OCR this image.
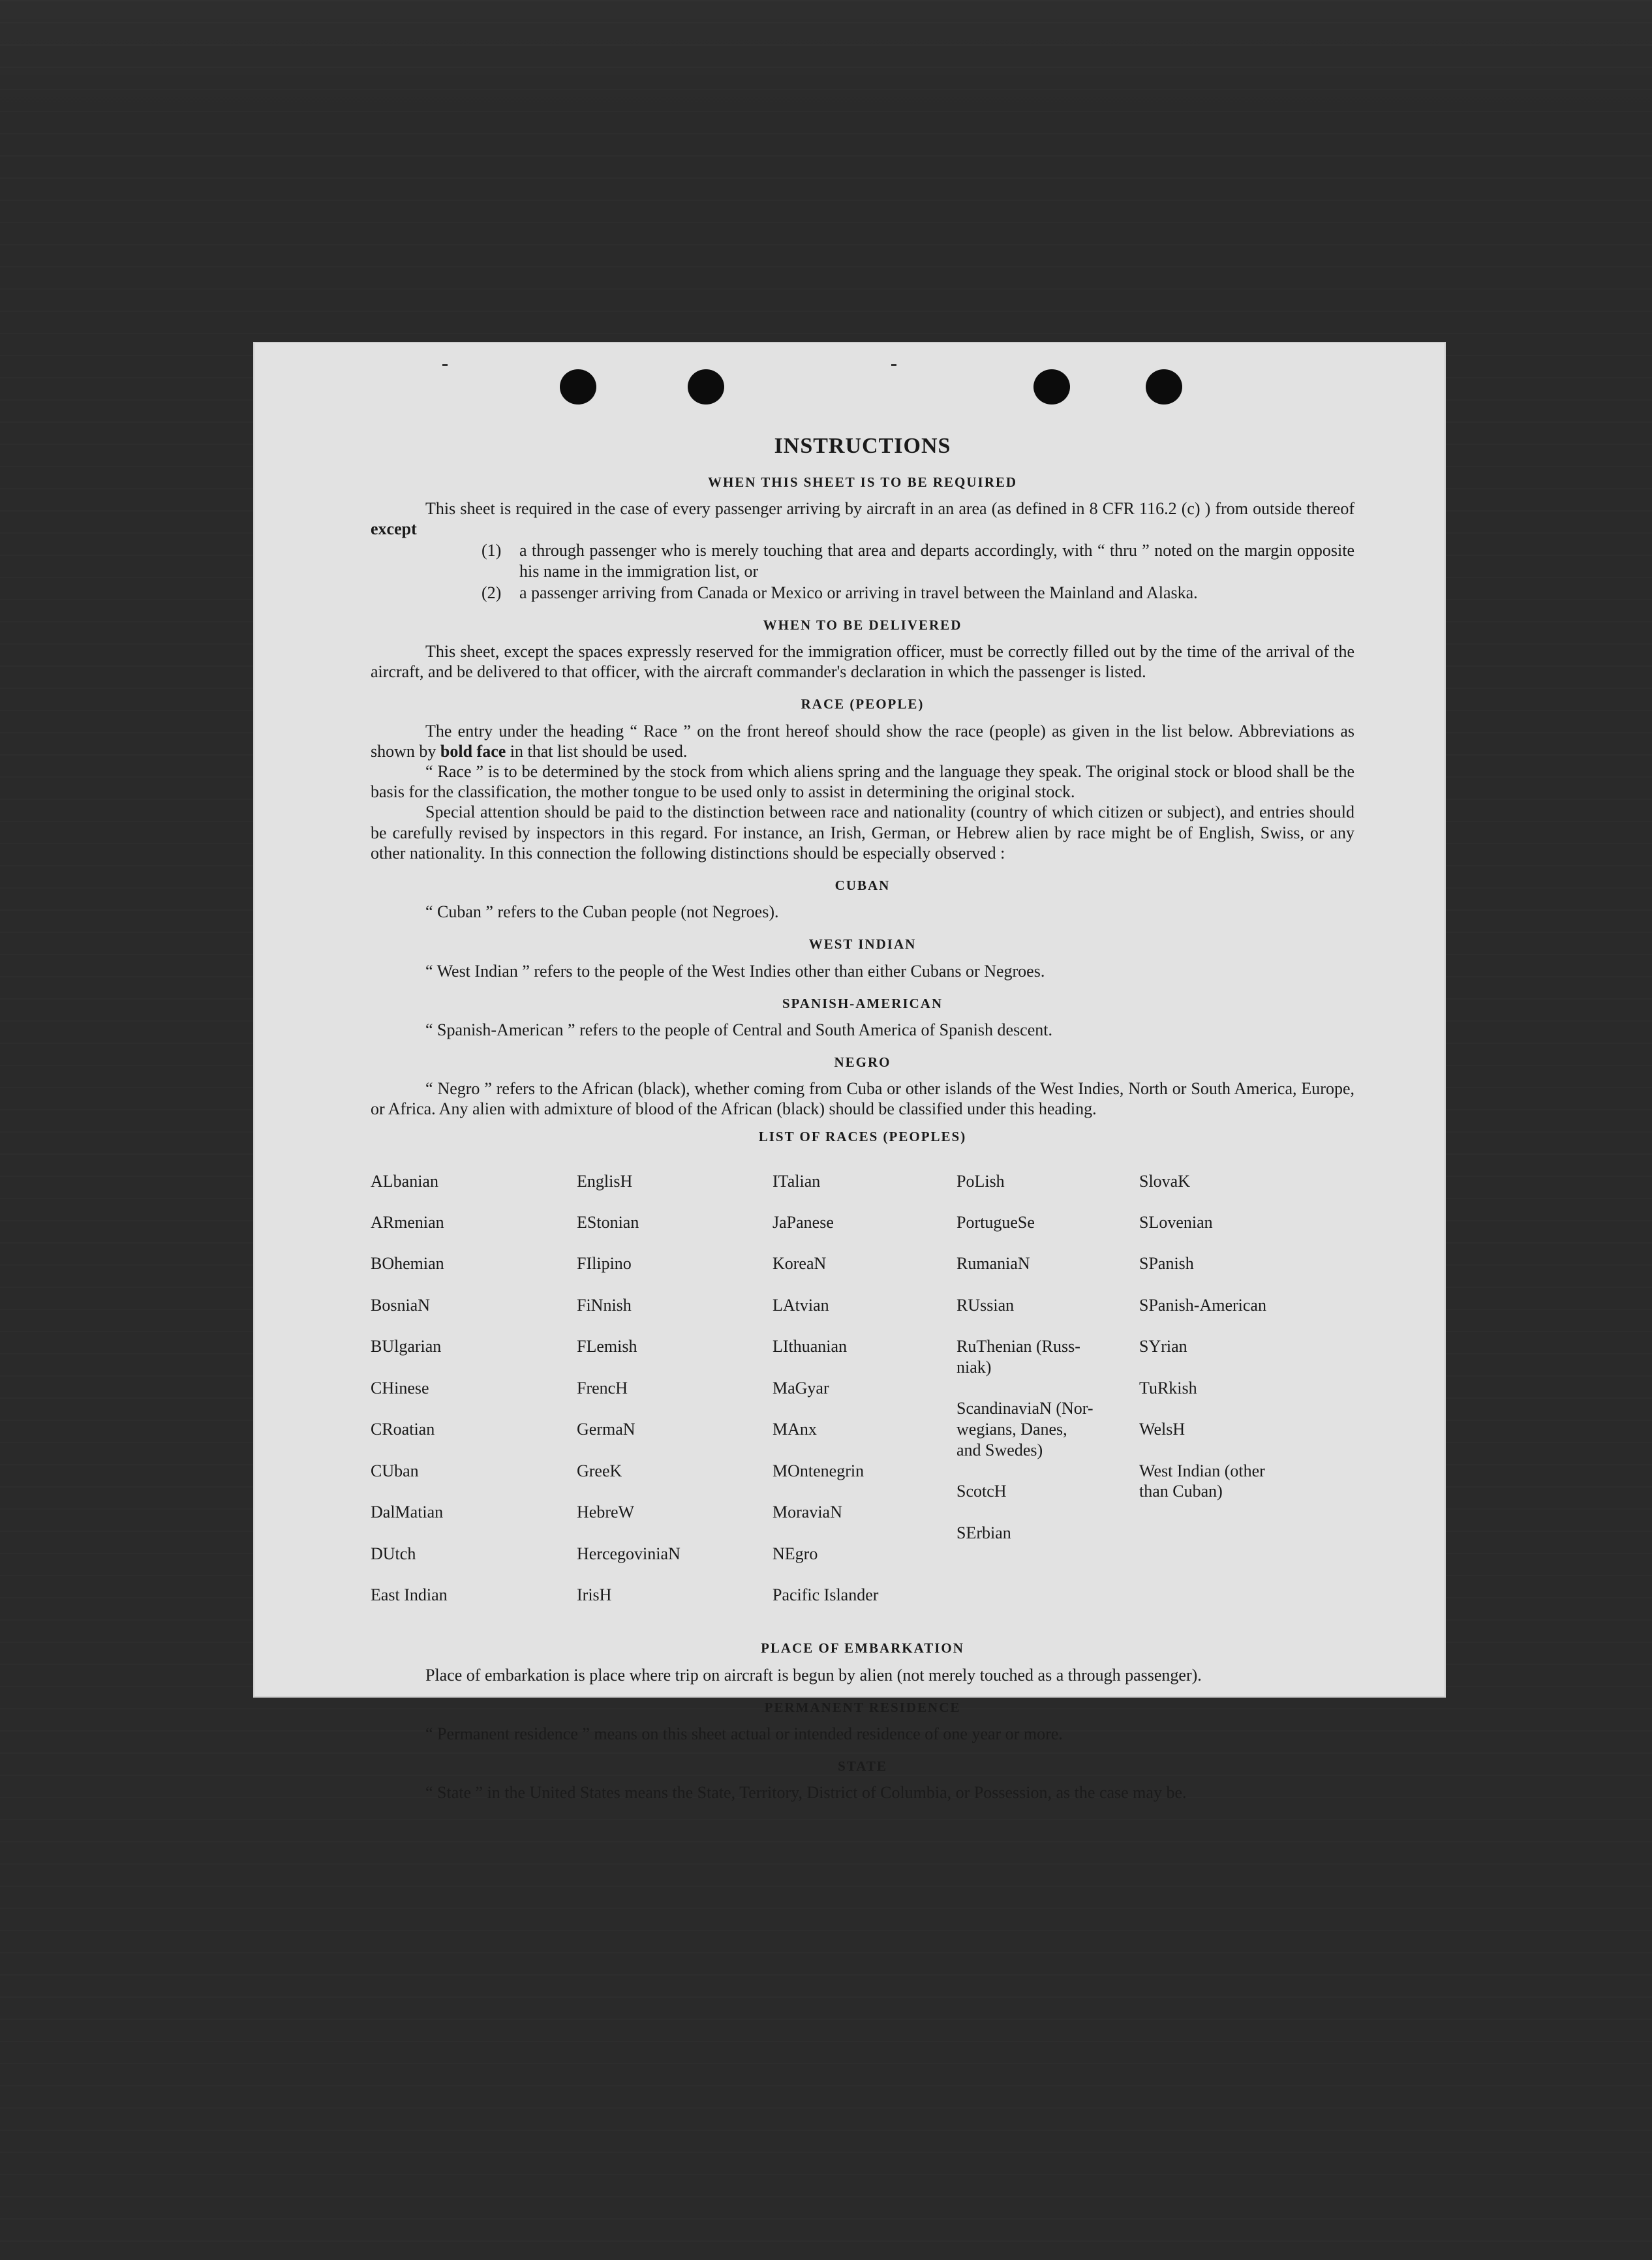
INSTRUCTIONS
WHEN THIS SHEET IS TO BE REQUIRED

This sheet is required in the case of every passenger arriving by aircraft in an area (as defined in 8 CFR 116.2 (c) ) from outside thereof except

(1)	a through passenger who is merely touching that area and departs accordingly, with “ thru ” noted on the margin opposite his name in the immigration list, or
(2)	a passenger arriving from Canada or Mexico or arriving in travel between the Mainland and Alaska.
WHEN TO BE DELIVERED

This sheet, except the spaces expressly reserved for the immigration officer, must be correctly filled out by the time of the arrival of the aircraft, and be delivered to that officer, with the aircraft commander's declaration in which the passenger is listed.

RACE (PEOPLE)

The entry under the heading “ Race ” on the front hereof should show the race (people) as given in the list below. Abbreviations as shown by bold face in that list should be used.

“ Race ” is to be determined by the stock from which aliens spring and the language they speak. The original stock or blood shall be the basis for the classification, the mother tongue to be used only to assist in determining the original stock.

Special attention should be paid to the distinction between race and nationality (country of which citizen or subject), and entries should be carefully revised by inspectors in this regard. For instance, an Irish, German, or Hebrew alien by race might be of English, Swiss, or any other nationality. In this connection the following distinctions should be especially observed :

CUBAN

“ Cuban ” refers to the Cuban people (not Negroes).

WEST INDIAN

“ West Indian ” refers to the people of the West Indies other than either Cubans or Negroes.

SPANISH-AMERICAN

“ Spanish-American ” refers to the people of Central and South America of Spanish descent.

NEGRO

“ Negro ” refers to the African (black), whether coming from Cuba or other islands of the West Indies, North or South America, Europe, or Africa. Any alien with admixture of blood of the African (black) should be classified under this heading.

LIST OF RACES (PEOPLES)

ALbanian

ARmenian

BOhemian

BosniaN

BUlgarian

CHinese

CRoatian

CUban

DalMatian

DUtch

East Indian

EnglisH

EStonian

FIlipino

FiNnish

FLemish

FrencH

GermaN

GreeK

HebreW

HercegoviniaN

IrisH

ITalian

JaPanese

KoreaN

LAtvian

LIthuanian

MaGyar

MAnx

MOntenegrin

MoraviaN

NEgro

Pacific Islander

PoLish

PortugueSe

RumaniaN

RUssian

RuThenian (Russ-
niak)

ScandinaviaN (Nor-
wegians, Danes,
and Swedes)

ScotcH

SErbian

SlovaK

SLovenian

SPanish

SPanish-American

SYrian

TuRkish

WelsH

West Indian (other
than Cuban)

PLACE OF EMBARKATION

Place of embarkation is place where trip on aircraft is begun by alien (not merely touched as a through passenger).

PERMANENT RESIDENCE

“ Permanent residence ” means on this sheet actual or intended residence of one year or more.

STATE

“ State ” in the United States means the State, Territory, District of Columbia, or Possession, as the case may be.
